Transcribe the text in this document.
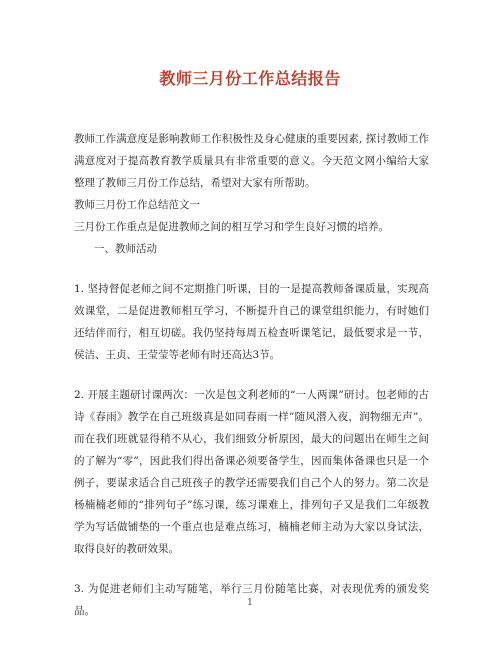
教师三月份工作总结报告

教师工作满意度是影响教师工作积极性及身心健康的重要因素, 探讨教师工作满意度对于提高教育教学质量具有非常重要的意义。今天范文网小编给大家整理了教师三月份工作总结，希望对大家有所帮助。

教师三月份工作总结范文一

三月份工作重点是促进教师之间的相互学习和学生良好习惯的培养。

一、教师活动

1. 坚持督促老师之间不定期推门听课，目的一是提高教师备课质量，实现高效课堂，二是促进教师相互学习，不断提升自己的课堂组织能力，有时她们还结伴而行，相互切磋。我仍坚持每周五检查听课笔记，最低要求是一节，侯洁、王贞、王莹莹等老师有时还高达3节。

2. 开展主题研讨课两次：一次是包文利老师的“一人两课”研讨。包老师的古诗《春雨》教学在自己班级真是如同春雨一样”随风潜入夜，润物细无声”。而在我们班就显得稍不从心，我们细致分析原因，最大的问题出在师生之间的了解为“零”，因此我们得出备课必须要备学生，因而集体备课也只是一个例子，要谋求适合自己班孩子的教学还需要我们自己个人的努力。第二次是杨楠楠老师的“排列句子”练习课，练习课难上，排列句子又是我们二年级教学为写话做铺垫的一个重点也是难点练习，楠楠老师主动为大家以身试法，取得良好的教研效果。

3. 为促进老师们主动写随笔，举行三月份随笔比赛，对表现优秀的颁发奖品。

1
